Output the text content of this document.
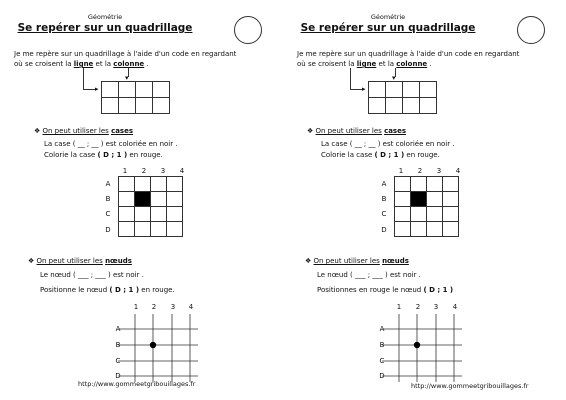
Géométrie
Se repérer sur un quadrillage
Je me repère sur un quadrillage à l'aide d'un code en regardant
où se croisent la ligne et la colonne .
▸
▾

❖ On peut utiliser les cases
La case ( __ ; __ ) est coloriée en noir .
Colorie la case ( D ; 1 ) en rouge.
1	2	3	4
A
B
C
D

❖ On peut utiliser les nœuds
Le nœud ( ___ ; ___ ) est noir .
Positionne le nœud ( D ; 1 ) en rouge.
1	2	3	4
A
B
C
D
http://www.gommeetgribouillages.fr
Géométrie
Se repérer sur un quadrillage
Je me repère sur un quadrillage à l'aide d'un code en regardant
où se croisent la ligne et la colonne .
▸
▾

❖ On peut utiliser les cases
La case ( __ ; __ ) est coloriée en noir .
Colorie la case ( D ; 1 ) en rouge.
1	2	3	4
A
B
C
D

❖ On peut utiliser les nœuds
Le nœud ( ___ ; ___ ) est noir .
Positionnes en rouge le nœud ( D ; 1 )
1	2	3	4
A
B
C
D
http://www.gommeetgribouillages.fr
